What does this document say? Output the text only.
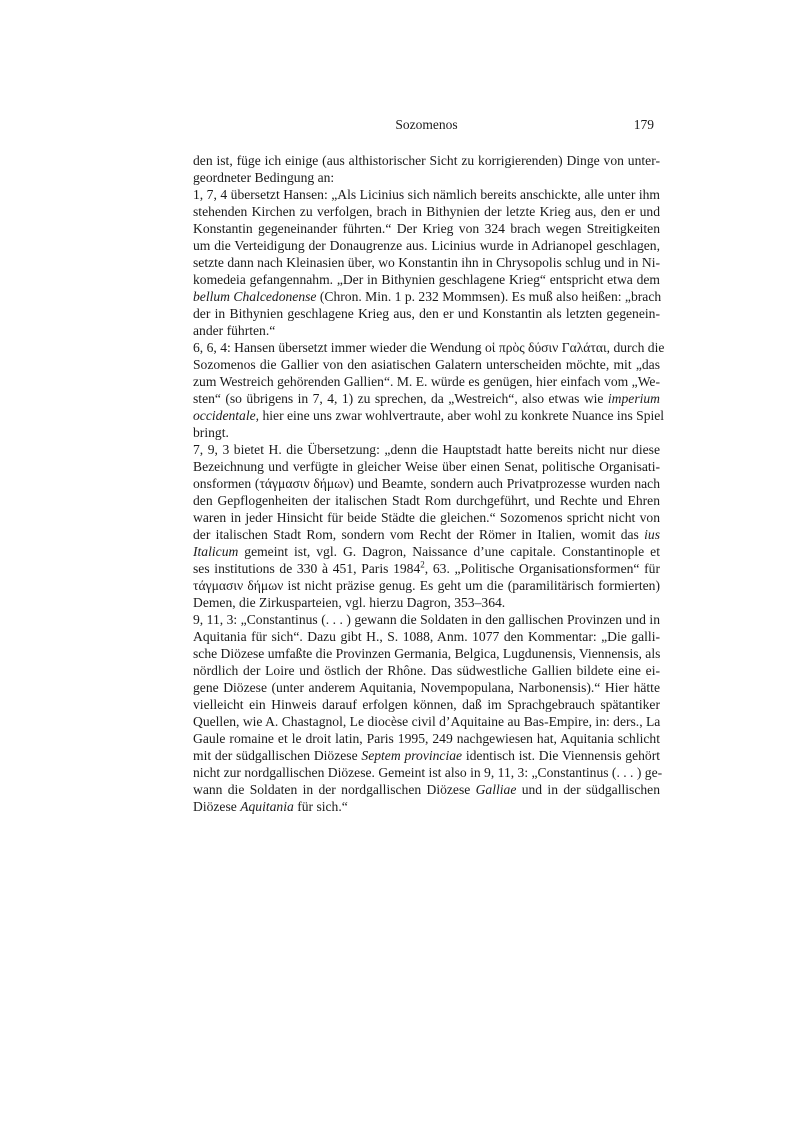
Sozomenos	179
den ist, füge ich einige (aus althistorischer Sicht zu korrigierenden) Dinge von unter-
geordneter Bedingung an:
1, 7, 4 übersetzt Hansen: „Als Licinius sich nämlich bereits anschickte, alle unter ihm
stehenden Kirchen zu verfolgen, brach in Bithynien der letzte Krieg aus, den er und
Konstantin gegeneinander führten.“ Der Krieg von 324 brach wegen Streitigkeiten
um die Verteidigung der Donaugrenze aus. Licinius wurde in Adrianopel geschlagen,
setzte dann nach Kleinasien über, wo Konstantin ihn in Chrysopolis schlug und in Ni-
komedeia gefangennahm. „Der in Bithynien geschlagene Krieg“ entspricht etwa dem
bellum Chalcedonense (Chron. Min. 1 p. 232 Mommsen). Es muß also heißen: „brach
der in Bithynien geschlagene Krieg aus, den er und Konstantin als letzten gegenein-
ander führten.“
6, 6, 4: Hansen übersetzt immer wieder die Wendung οἱ πρὸς δύσιν Γαλάται, durch die
Sozomenos die Gallier von den asiatischen Galatern unterscheiden möchte, mit „das
zum Westreich gehörenden Gallien“. M. E. würde es genügen, hier einfach vom „We-
sten“ (so übrigens in 7, 4, 1) zu sprechen, da „Westreich“, also etwas wie imperium
occidentale, hier eine uns zwar wohlvertraute, aber wohl zu konkrete Nuance ins Spiel
bringt.
7, 9, 3 bietet H. die Übersetzung: „denn die Hauptstadt hatte bereits nicht nur diese
Bezeichnung und verfügte in gleicher Weise über einen Senat, politische Organisati-
onsformen (τάγμασιν δήμων) und Beamte, sondern auch Privatprozesse wurden nach
den Gepflogenheiten der italischen Stadt Rom durchgeführt, und Rechte und Ehren
waren in jeder Hinsicht für beide Städte die gleichen.“ Sozomenos spricht nicht von
der italischen Stadt Rom, sondern vom Recht der Römer in Italien, womit das ius
Italicum gemeint ist, vgl. G. Dagron, Naissance d’une capitale. Constantinople et
ses institutions de 330 à 451, Paris 1984$^2$, 63. „Politische Organisationsformen“ für
τάγμασιν δήμων ist nicht präzise genug. Es geht um die (paramilitärisch formierten)
Demen, die Zirkusparteien, vgl. hierzu Dagron, 353–364.
9, 11, 3: „Constantinus (. . . ) gewann die Soldaten in den gallischen Provinzen und in
Aquitania für sich“. Dazu gibt H., S. 1088, Anm. 1077 den Kommentar: „Die galli-
sche Diözese umfaßte die Provinzen Germania, Belgica, Lugdunensis, Viennensis, als
nördlich der Loire und östlich der Rhône. Das südwestliche Gallien bildete eine ei-
gene Diözese (unter anderem Aquitania, Novempopulana, Narbonensis).“ Hier hätte
vielleicht ein Hinweis darauf erfolgen können, daß im Sprachgebrauch spätantiker
Quellen, wie A. Chastagnol, Le diocèse civil d’Aquitaine au Bas-Empire, in: ders., La
Gaule romaine et le droit latin, Paris 1995, 249 nachgewiesen hat, Aquitania schlicht
mit der südgallischen Diözese Septem provinciae identisch ist. Die Viennensis gehört
nicht zur nordgallischen Diözese. Gemeint ist also in 9, 11, 3: „Constantinus (. . . ) ge-
wann die Soldaten in der nordgallischen Diözese Galliae und in der südgallischen
Diözese Aquitania für sich.“
